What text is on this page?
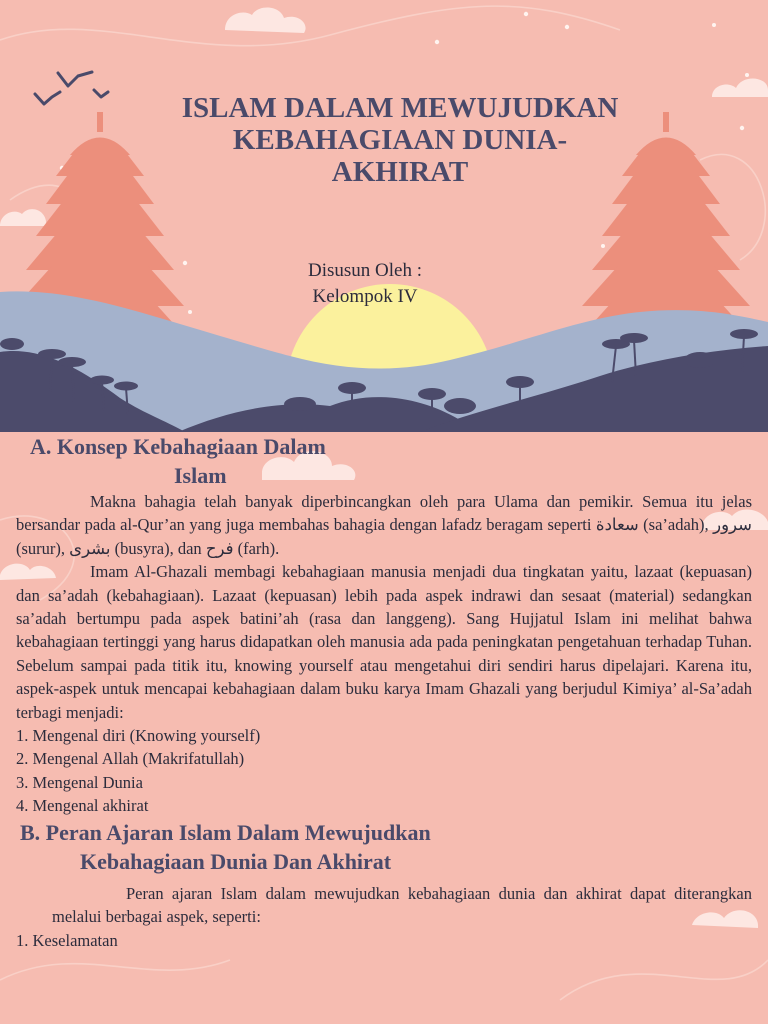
ISLAM DALAM MEWUJUDKAN
KEBAHAGIAAN DUNIA-
AKHIRAT
Disusun Oleh :
Kelompok IV
A. Konsep Kebahagiaan Dalam
Islam

Makna bahagia telah banyak diperbincangkan oleh para Ulama dan pemikir. Semua itu jelas bersandar pada al-Qur’an yang juga membahas bahagia dengan lafadz beragam seperti سعادة (sa’adah), سرور (surur), بشرى (busyra), dan فرح (farh).

Imam Al-Ghazali membagi kebahagiaan manusia menjadi dua tingkatan yaitu, lazaat (kepuasan) dan sa’adah (kebahagiaan). Lazaat (kepuasan) lebih pada aspek indrawi dan sesaat (material) sedangkan sa’adah bertumpu pada aspek batini’ah (rasa dan langgeng). Sang Hujjatul Islam ini melihat bahwa kebahagiaan tertinggi yang harus didapatkan oleh manusia ada pada peningkatan pengetahuan terhadap Tuhan. Sebelum sampai pada titik itu, knowing yourself atau mengetahui diri sendiri harus dipelajari. Karena itu, aspek-aspek untuk mencapai kebahagiaan dalam buku karya Imam Ghazali yang berjudul Kimiya’ al-Sa’adah terbagi menjadi:

1. Mengenal diri (Knowing yourself)
2. Mengenal Allah (Makrifatullah)
3. Mengenal Dunia
4. Mengenal akhirat
B. Peran Ajaran Islam Dalam Mewujudkan
Kebahagiaan Dunia Dan Akhirat

Peran ajaran Islam dalam mewujudkan kebahagiaan dunia dan akhirat dapat diterangkan melalui berbagai aspek, seperti:

1. Keselamatan
